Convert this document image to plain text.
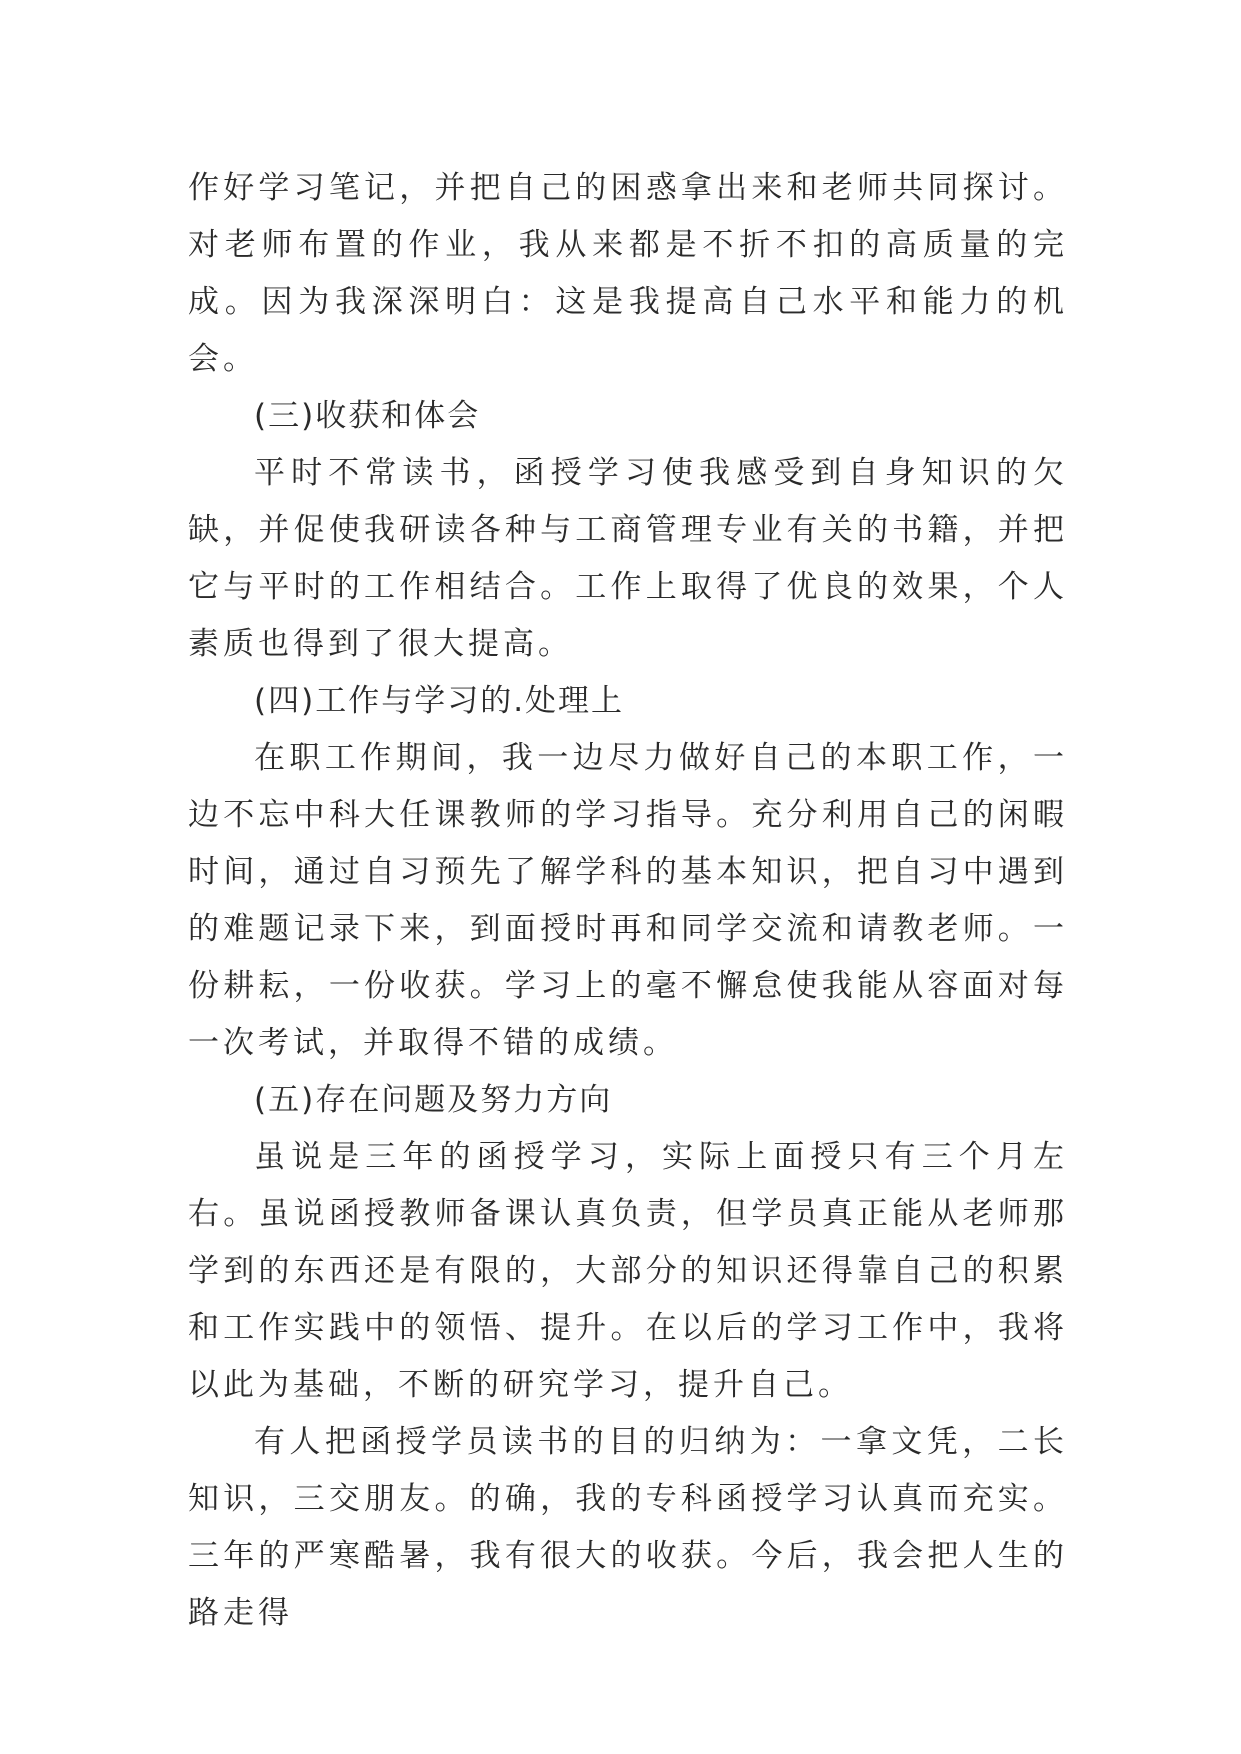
作好学习笔记，并把自己的困惑拿出来和老师共同探讨。对老师布置的作业，我从来都是不折不扣的高质量的完成。因为我深深明白：这是我提高自己水平和能力的机会。

(三)收获和体会

平时不常读书，函授学习使我感受到自身知识的欠缺，并促使我研读各种与工商管理专业有关的书籍，并把它与平时的工作相结合。工作上取得了优良的效果，个人素质也得到了很大提高。

(四)工作与学习的.处理上

在职工作期间，我一边尽力做好自己的本职工作，一边不忘中科大任课教师的学习指导。充分利用自己的闲暇时间，通过自习预先了解学科的基本知识，把自习中遇到的难题记录下来，到面授时再和同学交流和请教老师。一份耕耘，一份收获。学习上的毫不懈怠使我能从容面对每一次考试，并取得不错的成绩。

(五)存在问题及努力方向

虽说是三年的函授学习，实际上面授只有三个月左右。虽说函授教师备课认真负责，但学员真正能从老师那学到的东西还是有限的，大部分的知识还得靠自己的积累和工作实践中的领悟、提升。在以后的学习工作中，我将以此为基础，不断的研究学习，提升自己。

有人把函授学员读书的目的归纳为：一拿文凭，二长知识，三交朋友。的确，我的专科函授学习认真而充实。三年的严寒酷暑，我有很大的收获。今后，我会把人生的路走得
